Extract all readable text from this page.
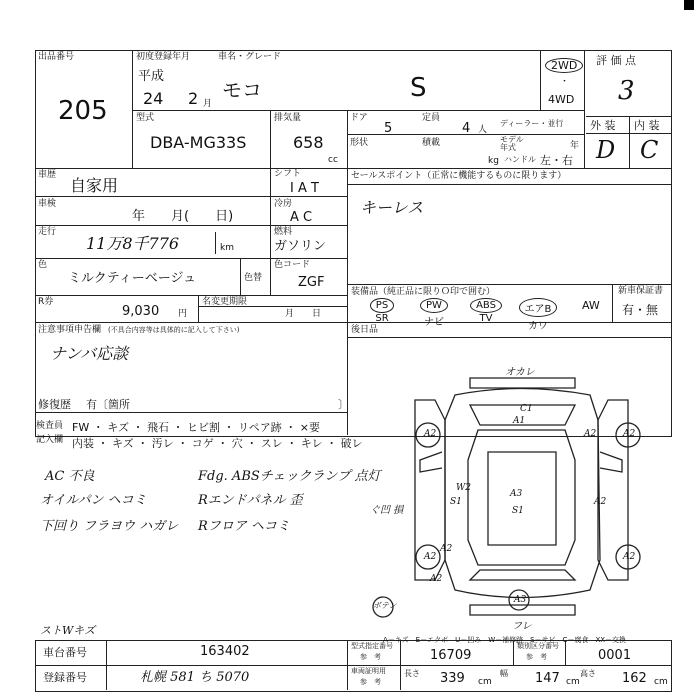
出品番号
205
初度登録年月
平成
24 2 月
車名・グレード
モコ	S
2WD
・
4WD
評 価 点
3
型式
DBA-MG33S
排気量
658
cc
ドア
5
定員
4 人
形状	積載
kg
ディーラー・並行
モデル年式	年
ハンドル 左・右
外 装 内 装
D C
車歴
自家用
車検
年　　月(　　日)
走行
11万8千776	km
シフト
I A T
冷房
A C
燃料
ガソリン
セールスポイント（正常に機能するものに限ります）
キーレス
色
ミルクティーベージュ	色替
色コード
ZGF
R券
9,030 円
名変更期限
月　　日
装備品（純正品に限りＯ印で囲む）
PS
SR
PW
ナビ
ABS
TV
エアB
カワ
AW
新車保証書
有・無
注意事項申告欄 (不具合内容等は具体的に記入して下さい)
ナンバ応談
修復歴 有〔箇所	〕
後日品
検査員
記入欄
FW ・ キズ ・ 飛石 ・ ヒビ割 ・ リペア跡 ・ ×要
内装 ・ キズ ・ 汚レ ・ コゲ ・ 穴 ・ スレ ・ キレ ・ 破レ
AC 不良
オイルパン ヘコミ
下回り フラヨウ ハガレ
Fdg. ABSチェックランプ 点灯
Rエンドパネル 歪
Rフロア ヘコミ
ストWキズ
オカレ
フレ
ぐ凹 損
A2
A1
C1
A2
W2
S1
A3
S1
A2
A2	A2
A3
A2
A2
A2
ボテン
A－キズ　E－エクボ　U－凹み　W－補修跡　S－サビ　C－腐食　XX－交換
車台番号	163402
登録番号	札幌 581 ち 5070
型式指定番号
参　考	16709
類別区分番号
参　考	0001
車両証明用
参　考
長さ 339 cm
幅 147 cm
高さ 162 cm
